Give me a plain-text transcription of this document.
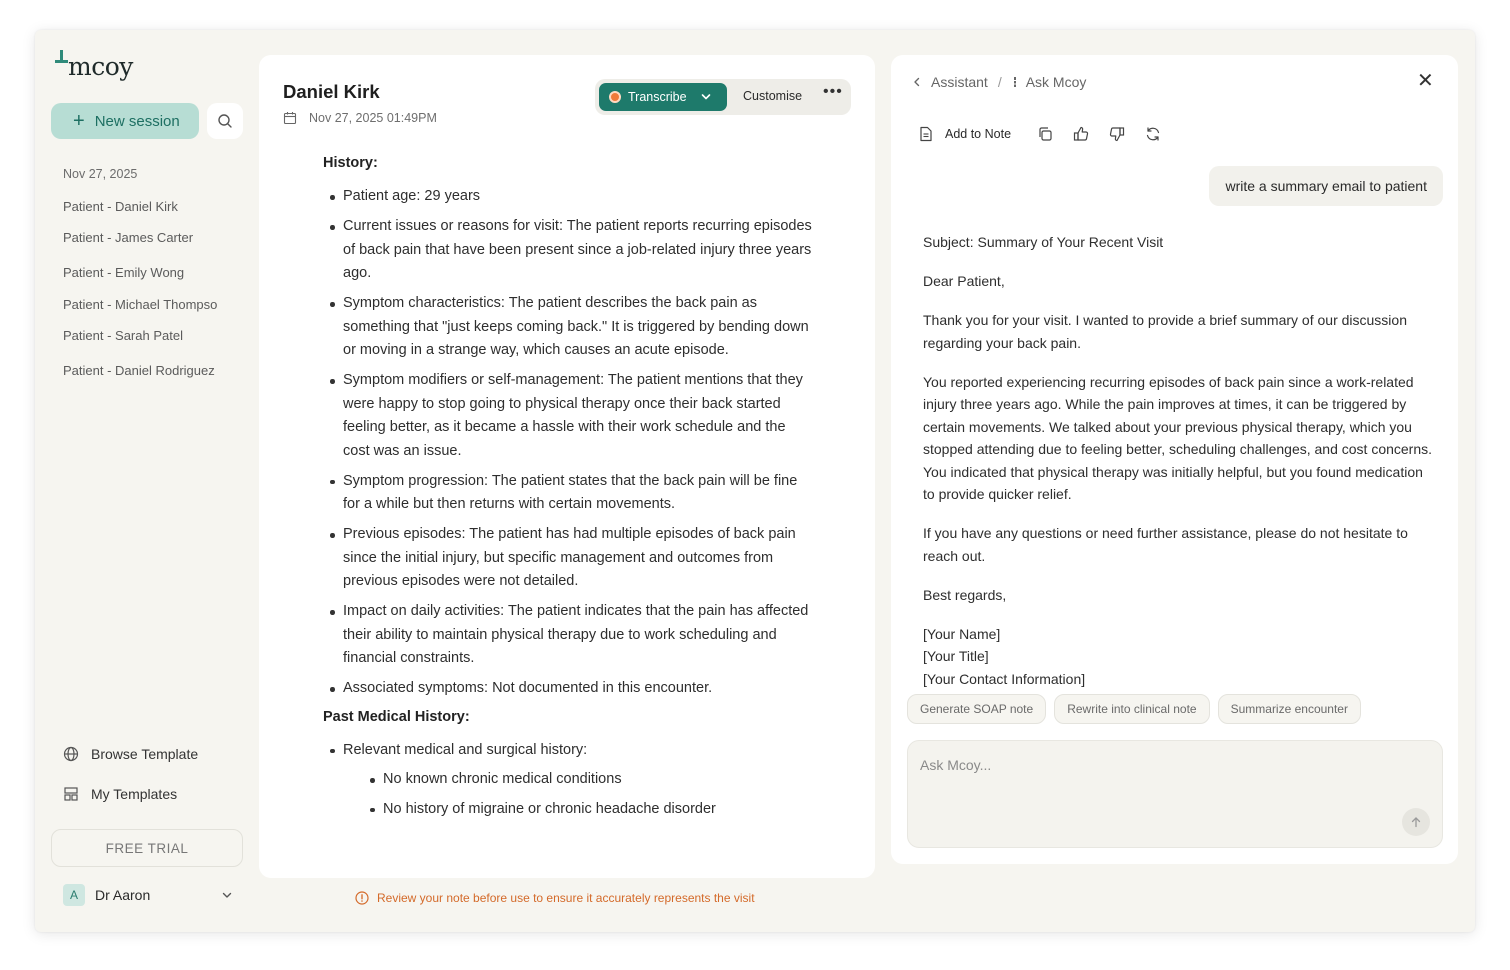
mcoy
+ New session
Nov 27, 2025
Patient - Daniel Kirk
Patient - James Carter
Patient - Emily Wong
Patient - Michael Thompso
Patient - Sarah Patel
Patient - Daniel Rodriguez
Browse Template
My Templates
FREE TRIAL
A	Dr Aaron
Daniel Kirk
Nov 27, 2025 01:49PM
Transcribe	Customise •••
History:
Patient age: 29 years
Current issues or reasons for visit: The patient reports recurring episodes of back pain that have been present since a job-related injury three years ago.
Symptom characteristics: The patient describes the back pain as something that "just keeps coming back." It is triggered by bending down or moving in a strange way, which causes an acute episode.
Symptom modifiers or self-management: The patient mentions that they were happy to stop going to physical therapy once their back started feeling better, as it became a hassle with their work schedule and the cost was an issue.
Symptom progression: The patient states that the back pain will be fine for a while but then returns with certain movements.
Previous episodes: The patient has had multiple episodes of back pain since the initial injury, but specific management and outcomes from previous episodes were not detailed.
Impact on daily activities: The patient indicates that the pain has affected their ability to maintain physical therapy due to work scheduling and financial constraints.
Associated symptoms: Not documented in this encounter.
Past Medical History:
Relevant medical and surgical history:
No known chronic medical conditions
No history of migraine or chronic headache disorder
Review your note before use to ensure it accurately represents the visit
Assistant / Ask Mcoy	✕
Add to Note
write a summary email to patient

Subject: Summary of Your Recent Visit

Dear Patient,

Thank you for your visit. I wanted to provide a brief summary of our discussion regarding your back pain.

You reported experiencing recurring episodes of back pain since a work-related injury three years ago. While the pain improves at times, it can be triggered by certain movements. We talked about your previous physical therapy, which you stopped attending due to feeling better, scheduling challenges, and cost concerns. You indicated that physical therapy was initially helpful, but you found medication to provide quicker relief.

If you have any questions or need further assistance, please do not hesitate to reach out.

Best regards,

[Your Name]
[Your Title]
[Your Contact Information]
Generate SOAP note	Rewrite into clinical note	Summarize encounter
Ask Mcoy...
